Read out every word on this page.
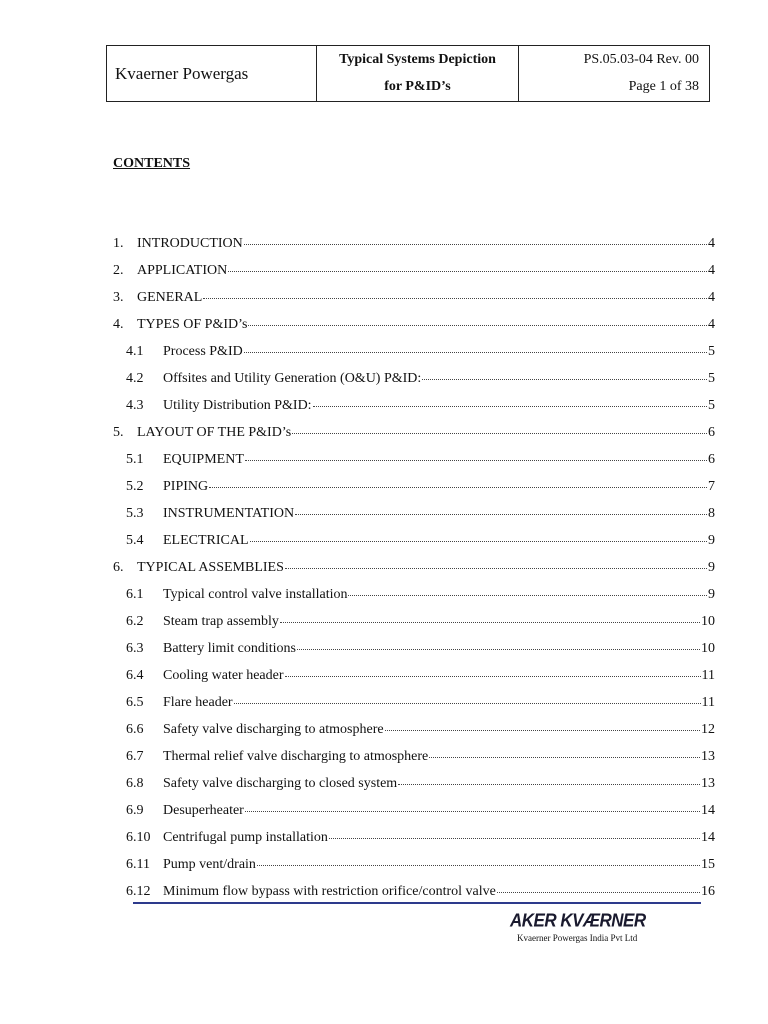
Kvaerner Powergas	Typical Systems Depiction	PS.05.03-04 Rev. 00
	for P&ID’s	Page 1 of 38
CONTENTS
1. INTRODUCTION	4
2. APPLICATION	4
3. GENERAL	4
4. TYPES OF P&ID’s	4
4.1	Process P&ID	5
4.2	Offsites and Utility Generation (O&U) P&ID:	5
4.3	Utility Distribution P&ID:	5
5. LAYOUT OF THE P&ID’s	6
5.1	EQUIPMENT	6
5.2	PIPING	7
5.3	INSTRUMENTATION	8
5.4	ELECTRICAL	9
6. TYPICAL ASSEMBLIES	9
6.1	Typical control valve installation	9
6.2	Steam trap assembly	10
6.3	Battery limit conditions	10
6.4	Cooling water header	11
6.5	Flare header	11
6.6	Safety valve discharging to atmosphere	12
6.7	Thermal relief valve discharging to atmosphere	13
6.8	Safety valve discharging to closed system	13
6.9	Desuperheater	14
6.10 Centrifugal pump installation	14
6.11 Pump vent/drain	15
6.12 Minimum flow bypass with restriction orifice/control valve	16
AKER KVÆRNER
Kvaerner Powergas India Pvt Ltd
